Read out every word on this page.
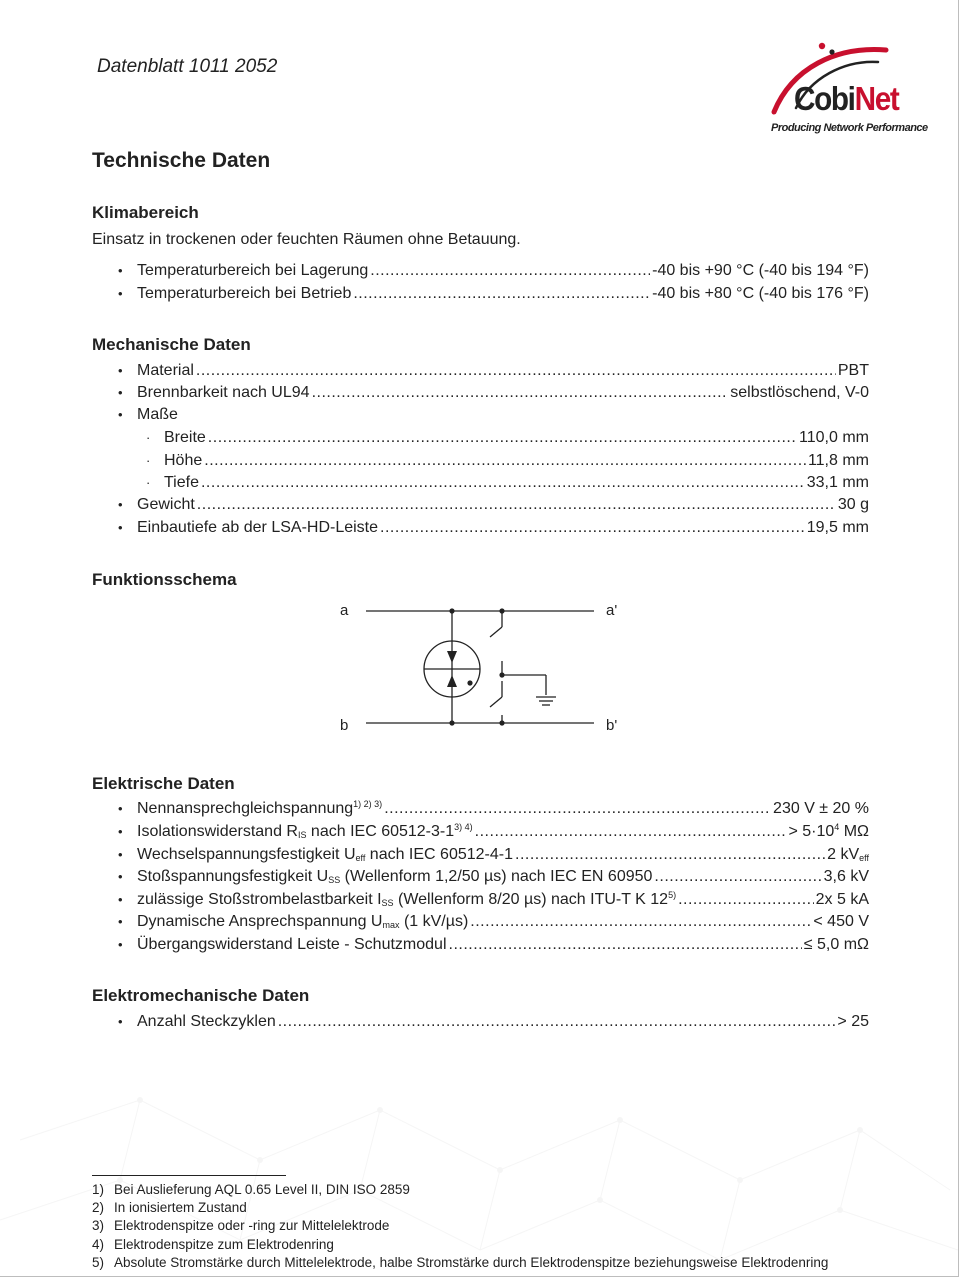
Datenblatt 1011 2052
CobiNet
Producing Network Performance
Technische Daten
Klimabereich
Einsatz in trockenen oder feuchten Räumen ohne Betauung.
• Temperaturbereich bei Lagerung .....	-40 bis +90 °C (-40 bis 194 °F)
• Temperaturbereich bei Betrieb .....	-40 bis +80 °C (-40 bis 176 °F)
Mechanische Daten
• Material .....	PBT
• Brennbarkeit nach UL94 .....	selbstlöschend, V-0
• Maße
· Breite .....	110,0 mm
· Höhe .....	11,8 mm
· Tiefe .....	33,1 mm
• Gewicht .....	30 g
• Einbautiefe ab der LSA-HD-Leiste .....	19,5 mm
Funktionsschema
a	a'
b	b'
Elektrische Daten
• Nennansprechgleichspannung$^{1) 2) 3)}$ .....	230 V ± 20 %
• Isolationswiderstand $R_{IS}$ nach IEC $60512-3-1^{3) 4)}$ .....	> $5\cdot 10^4$ MΩ
• Wechselspannungsfestigkeit $U_{eff}$ nach IEC 60512-4-1 .....	2 $kV_{eff}$
• Stoßspannungsfestigkeit $U_{SS}$ (Wellenform 1,2/50 µs) nach IEC EN 60950 .....	3,6 kV
• zulässige Stoßstrombelastbarkeit $I_{SS}$ (Wellenform 8/20 µs) nach ITU-T K 12$^{5)}$ .....	2x 5 kA
• Dynamische Ansprechspannung $U_{max}$ (1 kV/µs) .....	< 450 V
• Übergangswiderstand Leiste - Schutzmodul .....	≤ 5,0 mΩ
Elektromechanische Daten
• Anzahl Steckzyklen .....	> 25
1) Bei Auslieferung AQL 0.65 Level II, DIN ISO 2859
2) In ionisiertem Zustand
3) Elektrodenspitze oder -ring zur Mittelelektrode
4) Elektrodenspitze zum Elektrodenring
5) Absolute Stromstärke durch Mittelelektrode, halbe Stromstärke durch Elektrodenspitze beziehungsweise Elektrodenring
